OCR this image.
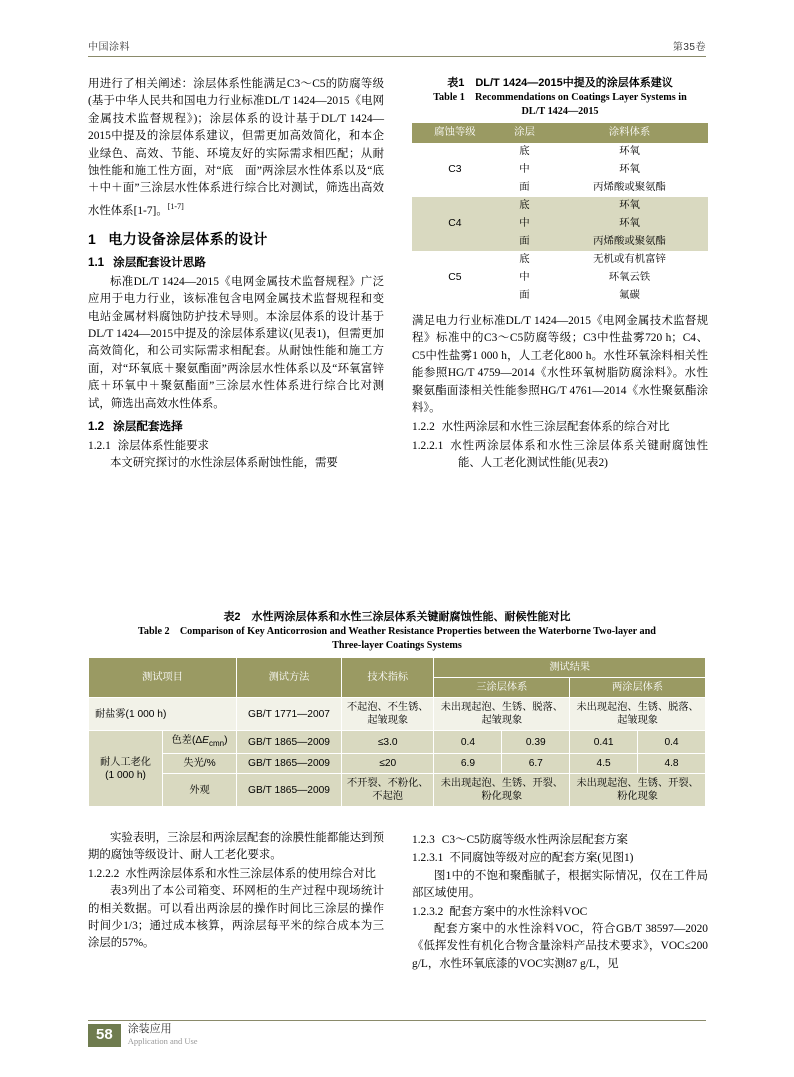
中国涂料	第35卷

用进行了相关阐述：涂层体系性能满足C3～C5的防腐等级(基于中华人民共和国电力行业标准DL/T 1424—2015《电网金属技术监督规程》)；涂层体系的设计基于DL/T 1424—2015中提及的涂层体系建议，但需更加高效简化，和本企业绿色、高效、节能、环境友好的实际需求相匹配；从耐蚀性能和施工性方面，对“底　面”两涂层水性体系以及“底＋中＋面”三涂层水性体系进行综合比对测试，筛选出高效水性体系[1-7]。[1-7]

1 电力设备涂层体系的设计
1.1 涂层配套设计思路

标准DL/T 1424—2015《电网金属技术监督规程》广泛应用于电力行业，该标准包含电网金属技术监督规程和变电站金属材料腐蚀防护技术导则。本涂层体系的设计基于DL/T 1424—2015中提及的涂层体系建议(见表1)，但需更加高效简化，和公司实际需求相配套。从耐蚀性能和施工方面，对“环氧底＋聚氨酯面”两涂层水性体系以及“环氧富锌底＋环氧中＋聚氨酯面”三涂层水性体系进行综合比对测试，筛选出高效水性体系。

1.2 涂层配套选择
1.2.1 涂层体系性能要求

本文研究探讨的水性涂层体系耐蚀性能，需要

表1　DL/T 1424—2015中提及的涂层体系建议
Table 1　Recommendations on Coatings Layer Systems in
DL/T 1424—2015
腐蚀等级	涂层	涂料体系
C3	底	环氧
	中	环氧
	面	丙烯酸或聚氨酯
C4	底	环氧
	中	环氧
	面	丙烯酸或聚氨酯
C5	底	无机或有机富锌
	中	环氧云铁
	面	氟碳

满足电力行业标准DL/T 1424—2015《电网金属技术监督规程》标准中的C3～C5防腐等级；C3中性盐雾720 h；C4、C5中性盐雾1 000 h，人工老化800 h。水性环氧涂料相关性能参照HG/T 4759—2014《水性环氧树脂防腐涂料》。水性聚氨酯面漆相关性能参照HG/T 4761—2014《水性聚氨酯涂料》。

1.2.2 水性两涂层和水性三涂层配套体系的综合对比
1.2.2.1 水性两涂层体系和水性三涂层体系关键耐腐蚀性能、人工老化测试性能(见表2)
表2　水性两涂层体系和水性三涂层体系关键耐腐蚀性能、耐候性能对比
Table 2　Comparison of Key Anticorrosion and Weather Resistance Properties between the Waterborne Two-layer and
Three-layer Coatings Systems
测试项目		测试方法	技术指标	测试结果			
				三涂层体系		两涂层体系	
耐盐雾(1 000 h)		GB/T 1771—2007	不起泡、不生锈、起皱现象	未出现起泡、生锈、脱落、起皱现象		未出现起泡、生锈、脱落、起皱现象	

耐人工老化
(1 000 h)	色差$(\Delta E_{cmn})$	GB/T 1865—2009	≤3.0	0.4	0.39	0.41	0.4
	失光/%	GB/T 1865—2009	≤20	6.9	6.7	4.5	4.8
	外观	GB/T 1865—2009	不开裂、不粉化、不起泡	未出现起泡、生锈、开裂、粉化现象		未出现起泡、生锈、开裂、粉化现象	

实验表明，三涂层和两涂层配套的涂膜性能都能达到预期的腐蚀等级设计、耐人工老化要求。

1.2.2.2 水性两涂层体系和水性三涂层体系的使用综合对比

表3列出了本公司箱变、环网柜的生产过程中现场统计的相关数据。可以看出两涂层的操作时间比三涂层的操作时间少1/3；通过成本核算，两涂层每平米的综合成本为三涂层的57%。

1.2.3 C3～C5防腐等级水性两涂层配套方案
1.2.3.1 不同腐蚀等级对应的配套方案(见图1)

图1中的不饱和聚酯腻子，根据实际情况，仅在工件局部区域使用。

1.2.3.2 配套方案中的水性涂料VOC

配套方案中的水性涂料VOC，符合GB/T 38597—2020《低挥发性有机化合物含量涂料产品技术要求》，VOC≤200 g/L，水性环氧底漆的VOC实测87 g/L，见

58	涂装应用
Application and Use
